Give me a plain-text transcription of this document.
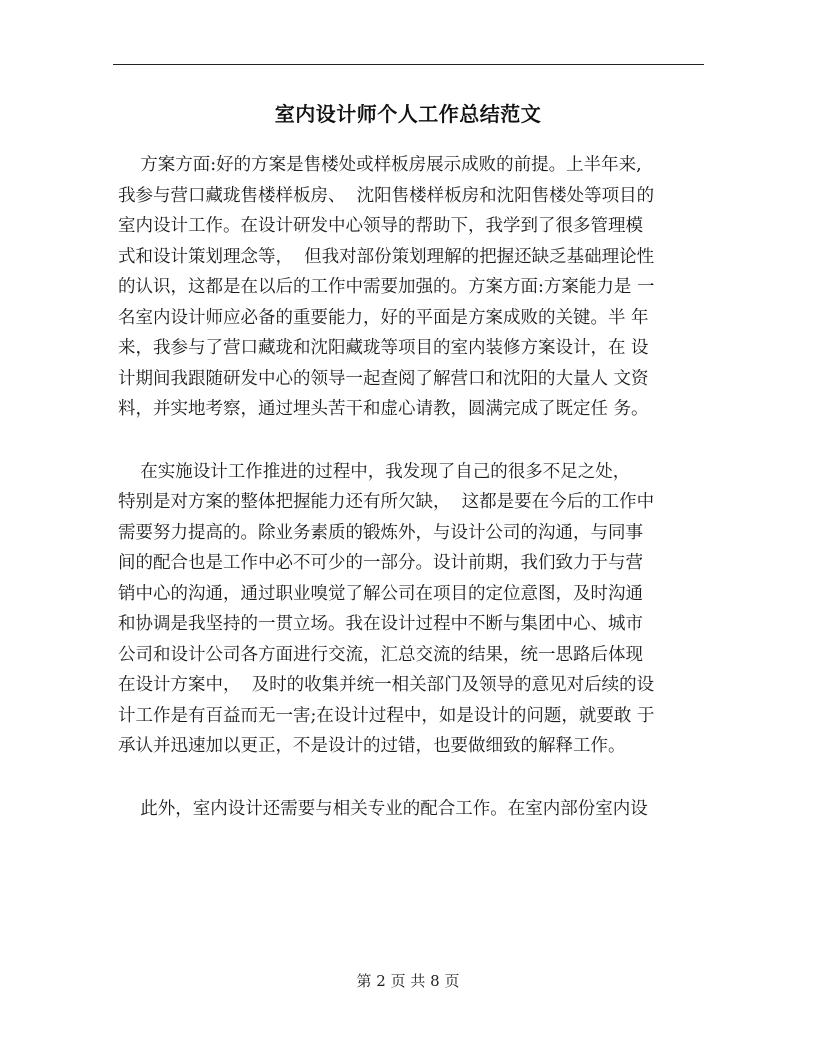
室内设计师个人工作总结范文
方案方面:好的方案是售楼处或样板房展示成败的前提。上半年来,
我参与营口藏珑售楼样板房、  沈阳售楼样板房和沈阳售楼处等项目的
室内设计工作。在设计研发中心领导的帮助下，我学到了很多管理模
式和设计策划理念等，  但我对部份策划理解的把握还缺乏基础理论性
的认识，这都是在以后的工作中需要加强的。方案方面:方案能力是 一
名室内设计师应必备的重要能力，好的平面是方案成败的关键。半 年
来，我参与了营口藏珑和沈阳藏珑等项目的室内装修方案设计，在 设
计期间我跟随研发中心的领导一起查阅了解营口和沈阳的大量人 文资
料，并实地考察，通过埋头苦干和虚心请教，圆满完成了既定任 务。
在实施设计工作推进的过程中，我发现了自己的很多不足之处，
特别是对方案的整体把握能力还有所欠缺，  这都是要在今后的工作中
需要努力提高的。除业务素质的锻炼外，与设计公司的沟通，与同事
间的配合也是工作中必不可少的一部分。设计前期，我们致力于与营
销中心的沟通，通过职业嗅觉了解公司在项目的定位意图，及时沟通
和协调是我坚持的一贯立场。我在设计过程中不断与集团中心、城市
公司和设计公司各方面进行交流，汇总交流的结果，统一思路后体现
在设计方案中，  及时的收集并统一相关部门及领导的意见对后续的设
计工作是有百益而无一害;在设计过程中，如是设计的问题，就要敢 于
承认并迅速加以更正，不是设计的过错，也要做细致的解释工作。
此外，室内设计还需要与相关专业的配合工作。在室内部份室内设
第 2 页 共 8 页
